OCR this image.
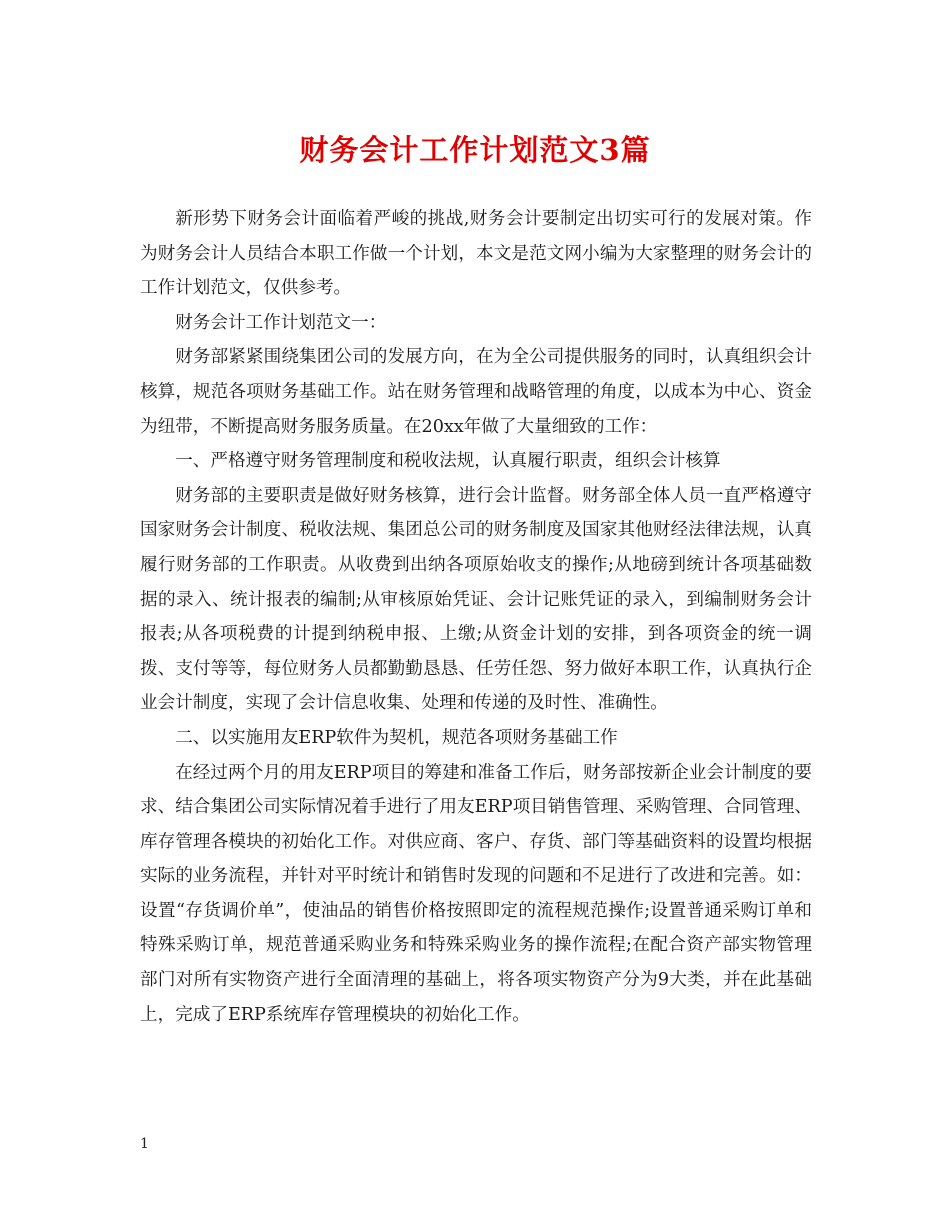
财务会计工作计划范文3篇

新形势下财务会计面临着严峻的挑战,财务会计要制定出切实可行的发展对策。作为财务会计人员结合本职工作做一个计划，本文是范文网小编为大家整理的财务会计的工作计划范文，仅供参考。

财务会计工作计划范文一：

财务部紧紧围绕集团公司的发展方向，在为全公司提供服务的同时，认真组织会计核算，规范各项财务基础工作。站在财务管理和战略管理的角度，以成本为中心、资金为纽带，不断提高财务服务质量。在20xx年做了大量细致的工作：

一、严格遵守财务管理制度和税收法规，认真履行职责，组织会计核算

财务部的主要职责是做好财务核算，进行会计监督。财务部全体人员一直严格遵守国家财务会计制度、税收法规、集团总公司的财务制度及国家其他财经法律法规，认真履行财务部的工作职责。从收费到出纳各项原始收支的操作;从地磅到统计各项基础数据的录入、统计报表的编制;从审核原始凭证、会计记账凭证的录入，到编制财务会计报表;从各项税费的计提到纳税申报、上缴;从资金计划的安排，到各项资金的统一调拨、支付等等，每位财务人员都勤勤恳恳、任劳任怨、努力做好本职工作，认真执行企业会计制度，实现了会计信息收集、处理和传递的及时性、准确性。

二、以实施用友ERP软件为契机，规范各项财务基础工作

在经过两个月的用友ERP项目的筹建和准备工作后，财务部按新企业会计制度的要求、结合集团公司实际情况着手进行了用友ERP项目销售管理、采购管理、合同管理、库存管理各模块的初始化工作。对供应商、客户、存货、部门等基础资料的设置均根据实际的业务流程，并针对平时统计和销售时发现的问题和不足进行了改进和完善。如：设置“存货调价单”，使油品的销售价格按照即定的流程规范操作;设置普通采购订单和特殊采购订单，规范普通采购业务和特殊采购业务的操作流程;在配合资产部实物管理部门对所有实物资产进行全面清理的基础上，将各项实物资产分为9大类，并在此基础上，完成了ERP系统库存管理模块的初始化工作。

1
